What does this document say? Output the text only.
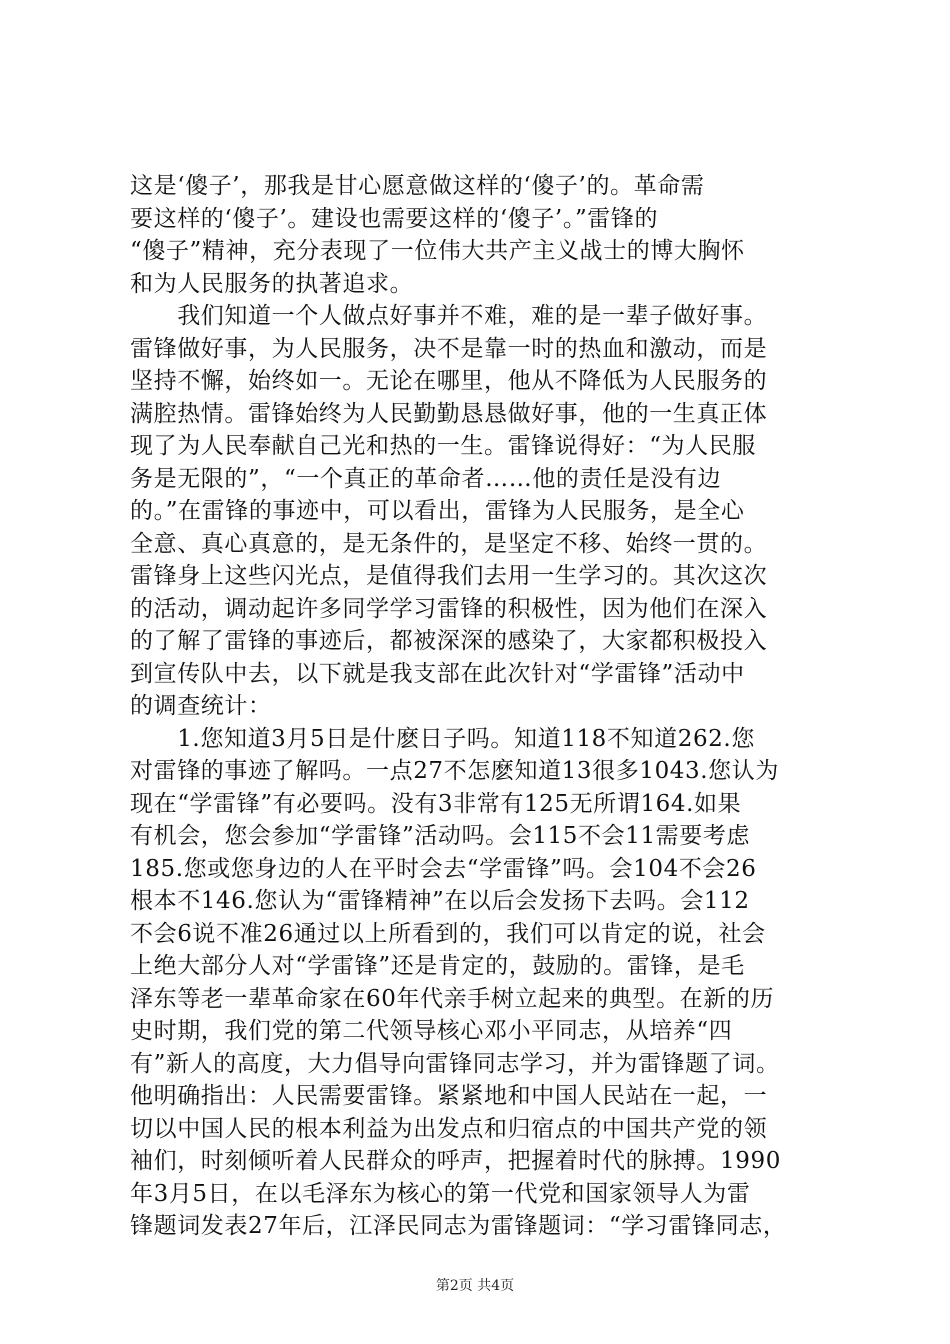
这是‘傻子’，那我是甘心愿意做这样的‘傻子’的。革命需
要这样的‘傻子’。建设也需要这样的‘傻子’。”雷锋的
“傻子”精神，充分表现了一位伟大共产主义战士的博大胸怀
和为人民服务的执著追求。
　　我们知道一个人做点好事并不难，难的是一辈子做好事。
雷锋做好事，为人民服务，决不是靠一时的热血和激动，而是
坚持不懈，始终如一。无论在哪里，他从不降低为人民服务的
满腔热情。雷锋始终为人民勤勤恳恳做好事，他的一生真正体
现了为人民奉献自己光和热的一生。雷锋说得好：“为人民服
务是无限的”，“一个真正的革命者……他的责任是没有边
的。”在雷锋的事迹中，可以看出，雷锋为人民服务，是全心
全意、真心真意的，是无条件的，是坚定不移、始终一贯的。
雷锋身上这些闪光点，是值得我们去用一生学习的。其次这次
的活动，调动起许多同学学习雷锋的积极性，因为他们在深入
的了解了雷锋的事迹后，都被深深的感染了，大家都积极投入
到宣传队中去，以下就是我支部在此次针对“学雷锋”活动中
的调查统计：
　　1.您知道3月5日是什麽日子吗。知道118不知道262.您
对雷锋的事迹了解吗。一点27不怎麽知道13很多1043.您认为
现在“学雷锋”有必要吗。没有3非常有125无所谓164.如果
有机会，您会参加“学雷锋”活动吗。会115不会11需要考虑
185.您或您身边的人在平时会去“学雷锋”吗。会104不会26
根本不146.您认为“雷锋精神”在以后会发扬下去吗。会112
不会6说不准26通过以上所看到的，我们可以肯定的说，社会
上绝大部分人对“学雷锋”还是肯定的，鼓励的。雷锋，是毛
泽东等老一辈革命家在60年代亲手树立起来的典型。在新的历
史时期，我们党的第二代领导核心邓小平同志，从培养“四
有”新人的高度，大力倡导向雷锋同志学习，并为雷锋题了词。
他明确指出：人民需要雷锋。紧紧地和中国人民站在一起，一
切以中国人民的根本利益为出发点和归宿点的中国共产党的领
袖们，时刻倾听着人民群众的呼声，把握着时代的脉搏。1990
年3月5日，在以毛泽东为核心的第一代党和国家领导人为雷
锋题词发表27年后，江泽民同志为雷锋题词：“学习雷锋同志，
第2页 共4页
